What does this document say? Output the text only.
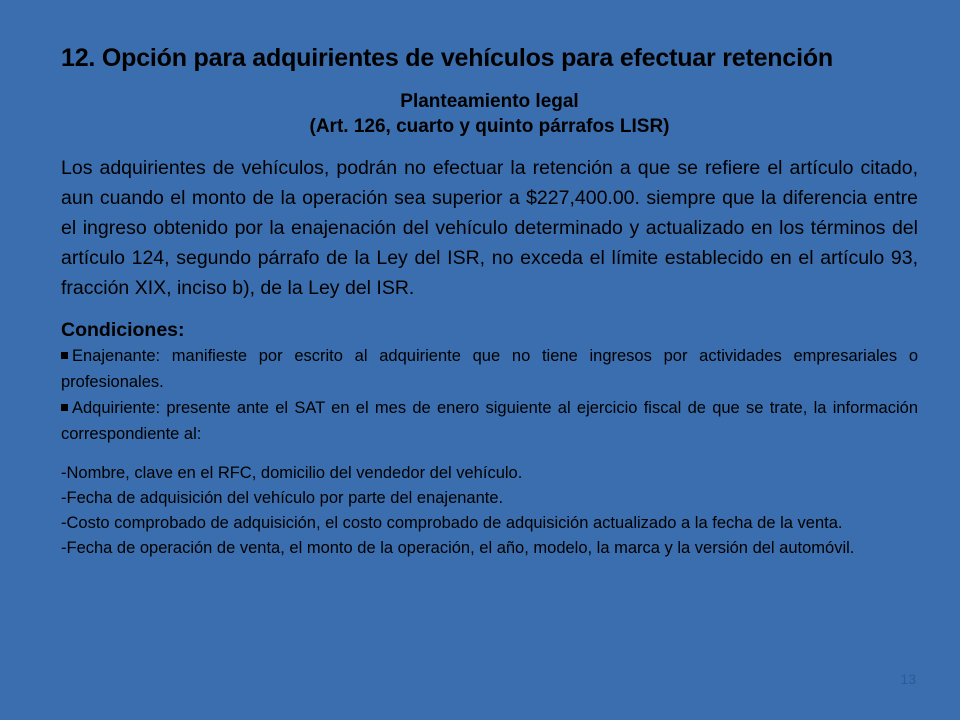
12. Opción para adquirientes de vehículos para efectuar retención
Planteamiento legal
(Art. 126, cuarto y quinto párrafos LISR)
Los adquirientes de vehículos, podrán no efectuar la retención a que se refiere el artículo citado, aun cuando el monto de la operación sea superior a $227,400.00. siempre que la diferencia entre el ingreso obtenido por la enajenación del vehículo determinado y actualizado en los términos del artículo 124, segundo párrafo de la Ley del ISR, no exceda el límite establecido en el artículo 93, fracción XIX, inciso b), de la Ley del ISR.
Condiciones:
Enajenante: manifieste por escrito al adquiriente que no tiene ingresos por actividades empresariales o profesionales.
Adquiriente: presente ante el SAT en el mes de enero siguiente al ejercicio fiscal de que se trate, la información correspondiente al:
-Nombre, clave en el RFC, domicilio del vendedor del vehículo.
-Fecha de adquisición del vehículo por parte del enajenante.
-Costo comprobado de adquisición, el costo comprobado de adquisición actualizado a la fecha de la venta.
-Fecha de operación de venta, el monto de la operación, el año, modelo, la marca y la versión del automóvil.
13
